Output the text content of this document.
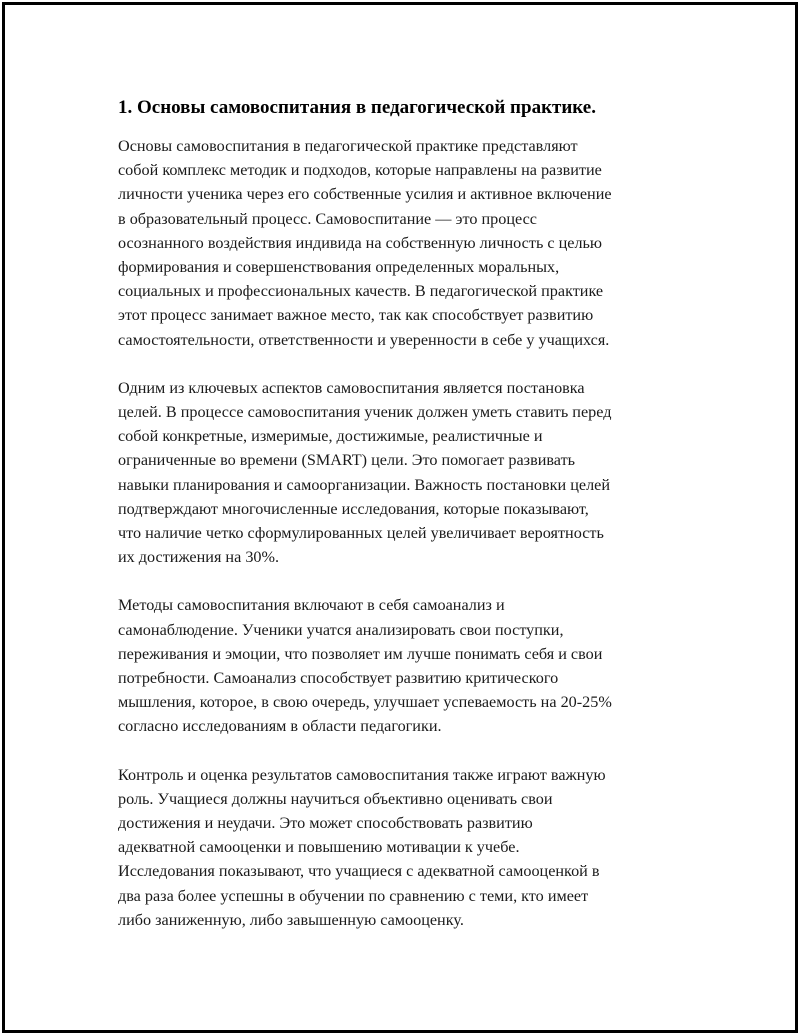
1. Основы самовоспитания в педагогической практике.

Основы самовоспитания в педагогической практике представляют
собой комплекс методик и подходов, которые направлены на развитие
личности ученика через его собственные усилия и активное включение
в образовательный процесс. Самовоспитание — это процесс
осознанного воздействия индивида на собственную личность с целью
формирования и совершенствования определенных моральных,
социальных и профессиональных качеств. В педагогической практике
этот процесс занимает важное место, так как способствует развитию
самостоятельности, ответственности и уверенности в себе у учащихся.

Одним из ключевых аспектов самовоспитания является постановка
целей. В процессе самовоспитания ученик должен уметь ставить перед
собой конкретные, измеримые, достижимые, реалистичные и
ограниченные во времени (SMART) цели. Это помогает развивать
навыки планирования и самоорганизации. Важность постановки целей
подтверждают многочисленные исследования, которые показывают,
что наличие четко сформулированных целей увеличивает вероятность
их достижения на 30%.

Методы самовоспитания включают в себя самоанализ и
самонаблюдение. Ученики учатся анализировать свои поступки,
переживания и эмоции, что позволяет им лучше понимать себя и свои
потребности. Самоанализ способствует развитию критического
мышления, которое, в свою очередь, улучшает успеваемость на 20-25%
согласно исследованиям в области педагогики.

Контроль и оценка результатов самовоспитания также играют важную
роль. Учащиеся должны научиться объективно оценивать свои
достижения и неудачи. Это может способствовать развитию
адекватной самооценки и повышению мотивации к учебе.
Исследования показывают, что учащиеся с адекватной самооценкой в
два раза более успешны в обучении по сравнению с теми, кто имеет
либо заниженную, либо завышенную самооценку.
